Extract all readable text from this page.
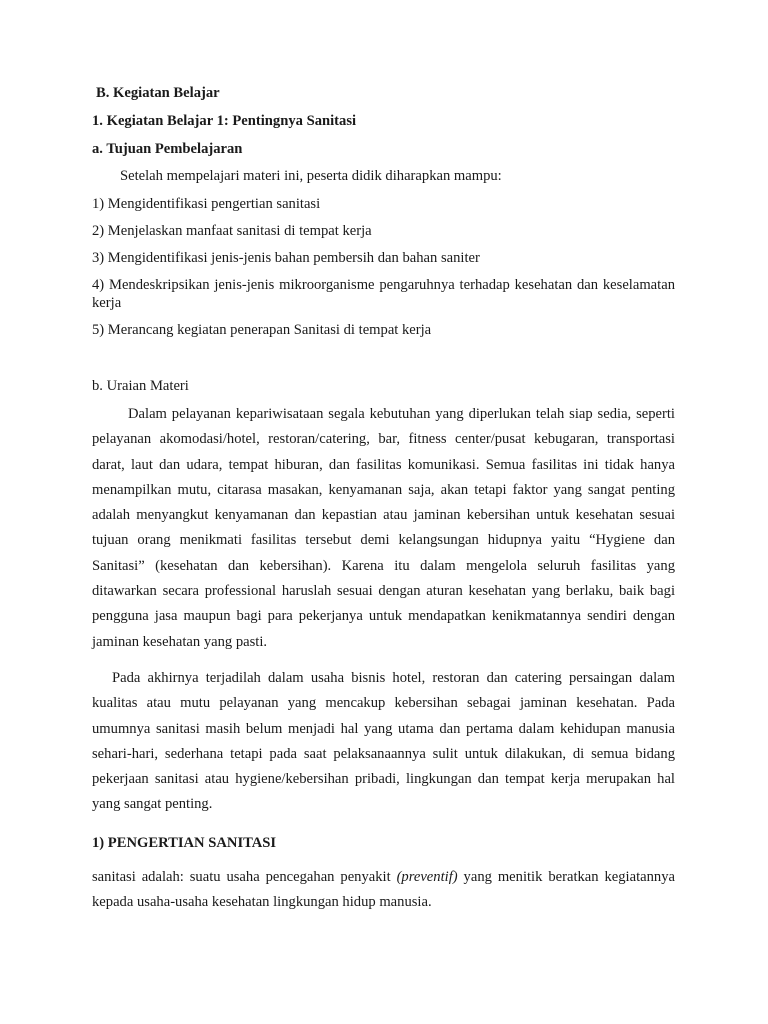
B. Kegiatan Belajar

1. Kegiatan Belajar 1: Pentingnya Sanitasi

a. Tujuan Pembelajaran

Setelah mempelajari materi ini, peserta didik diharapkan mampu:

1) Mengidentifikasi pengertian sanitasi
2) Menjelaskan manfaat sanitasi di tempat kerja
3) Mengidentifikasi jenis-jenis bahan pembersih dan bahan saniter
4) Mendeskripsikan jenis-jenis mikroorganisme pengaruhnya terhadap kesehatan dan keselamatan kerja
5) Merancang kegiatan penerapan Sanitasi di tempat kerja

b. Uraian Materi

Dalam pelayanan kepariwisataan segala kebutuhan yang diperlukan telah siap sedia, seperti pelayanan akomodasi/hotel, restoran/catering, bar, fitness center/pusat kebugaran, transportasi darat, laut dan udara, tempat hiburan, dan fasilitas komunikasi. Semua fasilitas ini tidak hanya menampilkan mutu, citarasa masakan, kenyamanan saja, akan tetapi faktor yang sangat penting adalah menyangkut kenyamanan dan kepastian atau jaminan kebersihan untuk kesehatan sesuai tujuan orang menikmati fasilitas tersebut demi kelangsungan hidupnya yaitu “Hygiene dan Sanitasi” (kesehatan dan kebersihan). Karena itu dalam mengelola seluruh fasilitas yang ditawarkan secara professional haruslah sesuai dengan aturan kesehatan yang berlaku, baik bagi pengguna jasa maupun bagi para pekerjanya untuk mendapatkan kenikmatannya sendiri dengan jaminan kesehatan yang pasti.

Pada akhirnya terjadilah dalam usaha bisnis hotel, restoran dan catering persaingan dalam kualitas atau mutu pelayanan yang mencakup kebersihan sebagai jaminan kesehatan. Pada umumnya sanitasi masih belum menjadi hal yang utama dan pertama dalam kehidupan manusia sehari-hari, sederhana tetapi pada saat pelaksanaannya sulit untuk dilakukan, di semua bidang pekerjaan sanitasi atau hygiene/kebersihan pribadi, lingkungan dan tempat kerja merupakan hal yang sangat penting.

1) PENGERTIAN SANITASI

sanitasi adalah: suatu usaha pencegahan penyakit (preventif) yang menitik beratkan kegiatannya kepada usaha-usaha kesehatan lingkungan hidup manusia.
